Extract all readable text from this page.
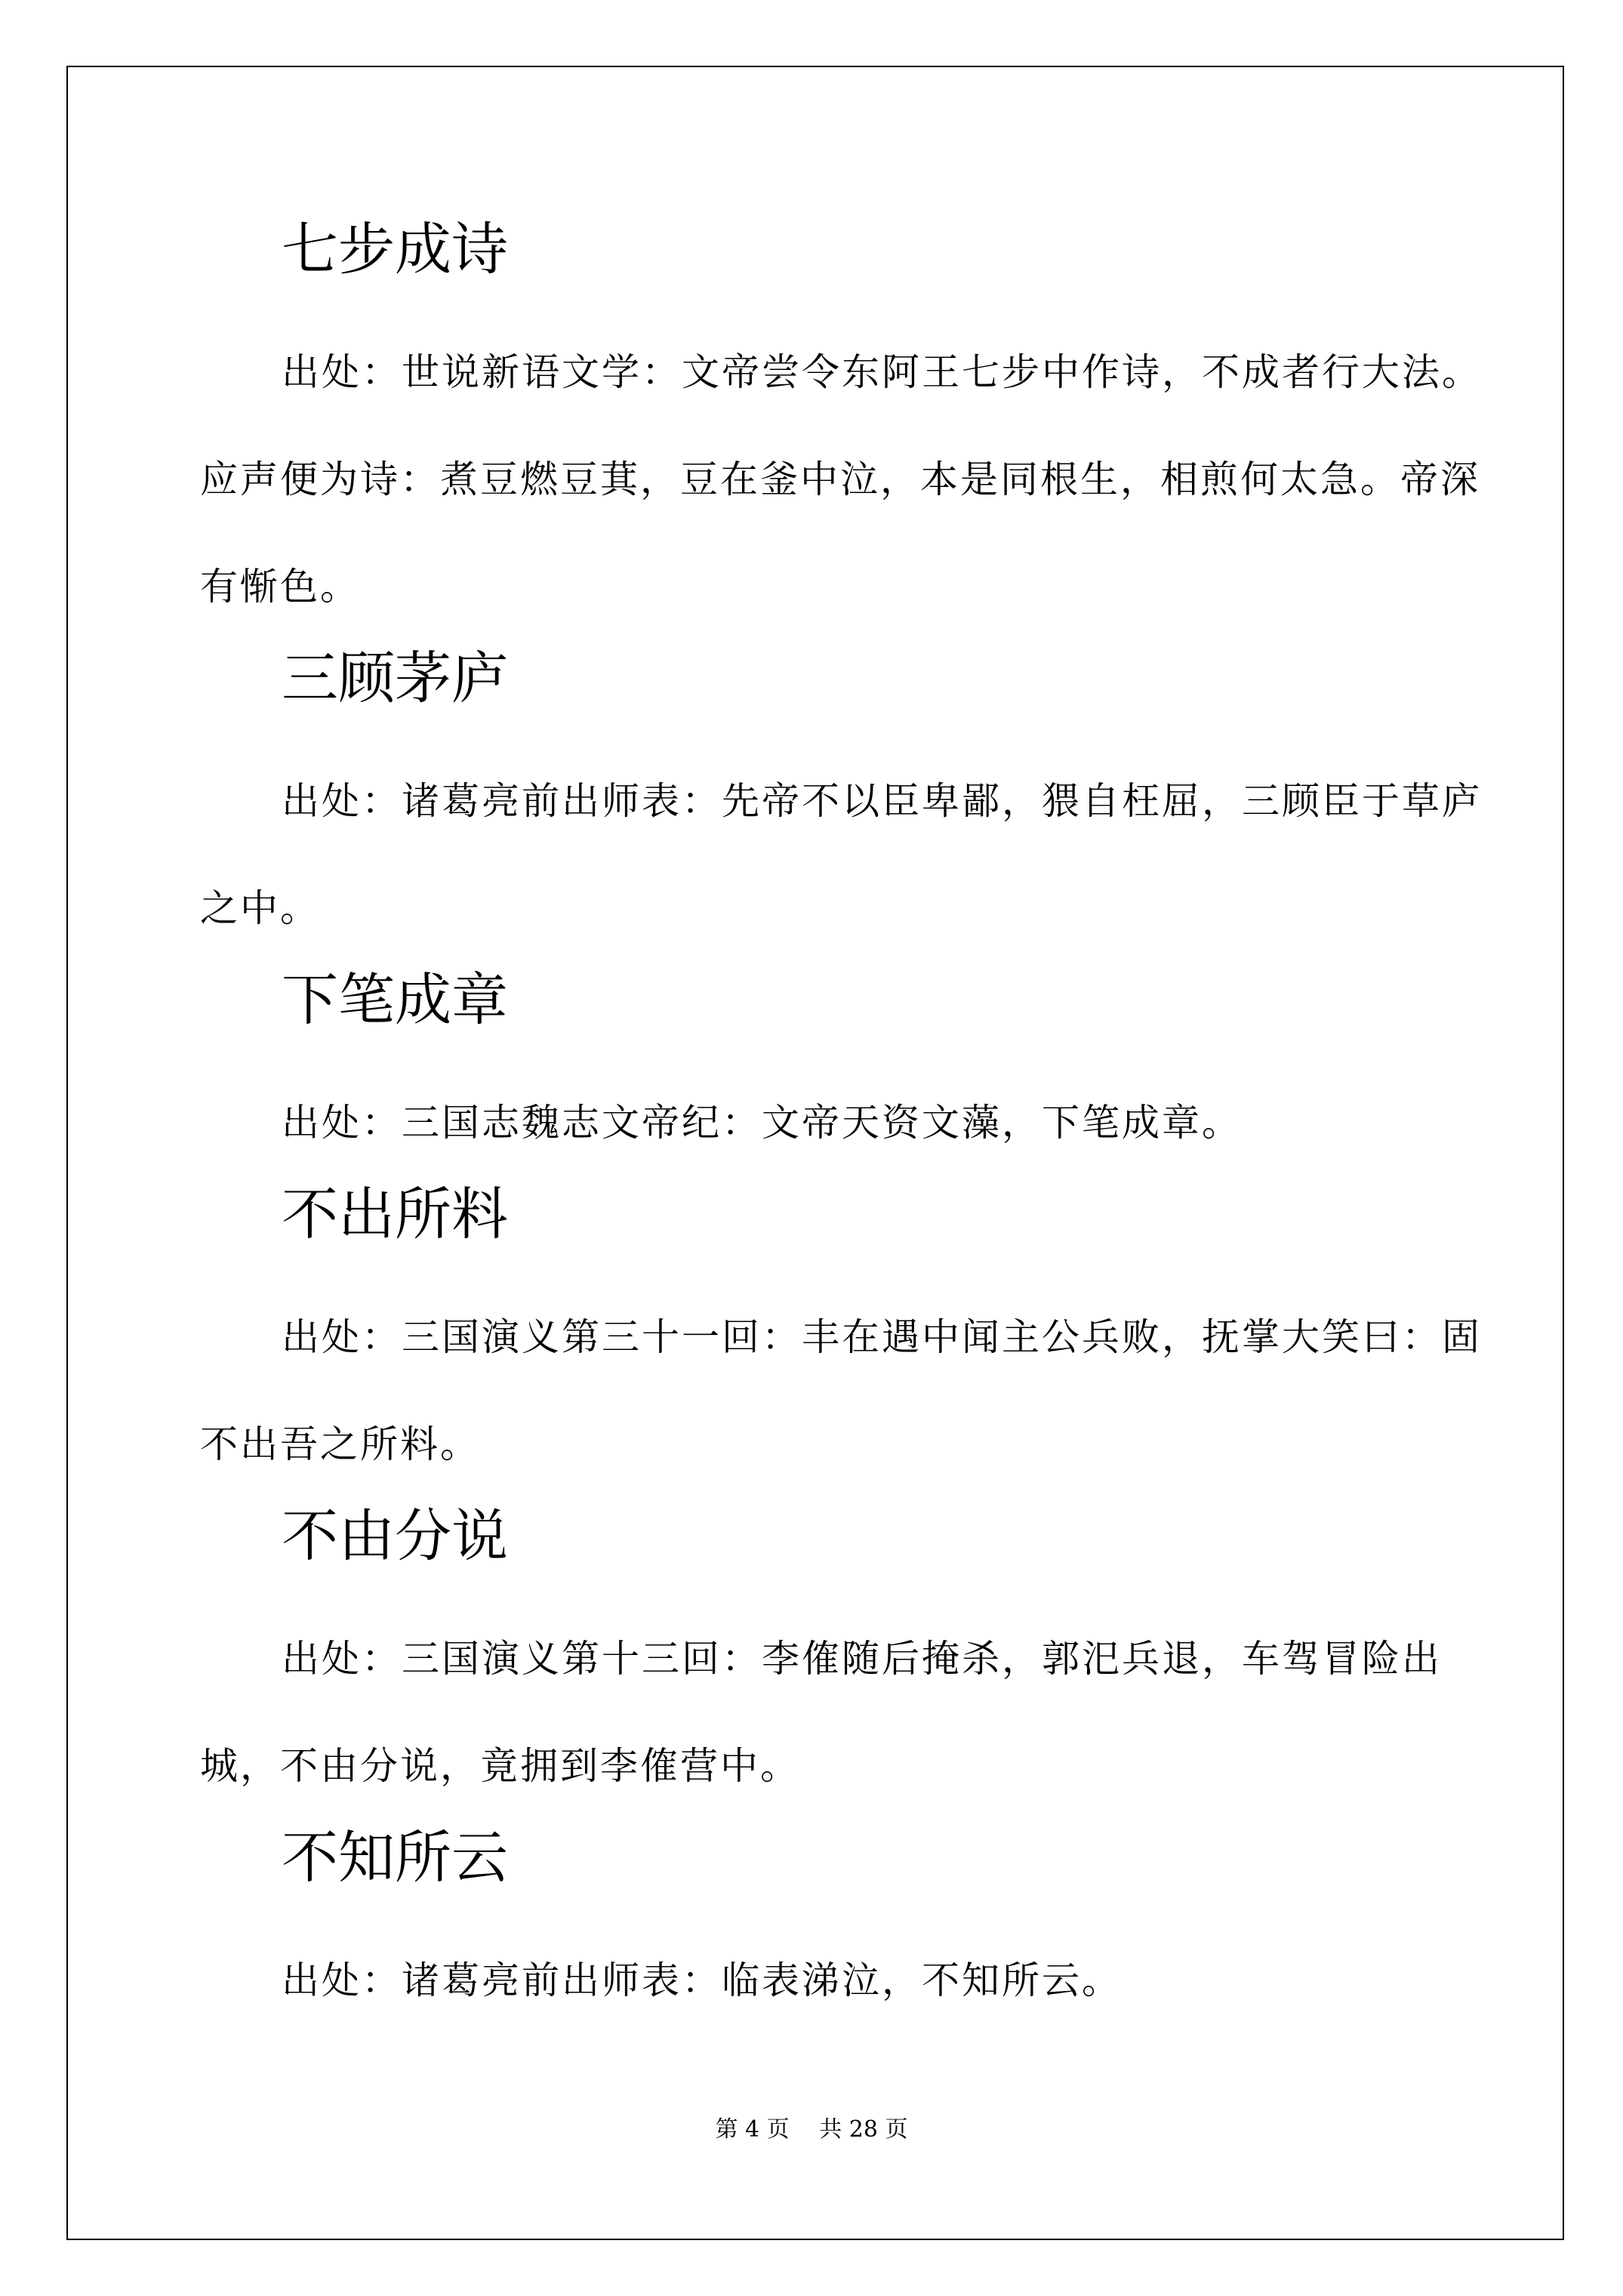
七步成诗

出处：世说新语文学：文帝尝令东阿王七步中作诗，不成者行大法。应声便为诗：煮豆燃豆萁，豆在釜中泣，本是同根生，相煎何太急。帝深有惭色。

三顾茅庐

出处：诸葛亮前出师表：先帝不以臣卑鄙，猥自枉屈，三顾臣于草庐之中。

下笔成章

出处：三国志魏志文帝纪：文帝天资文藻，下笔成章。

不出所料

出处：三国演义第三十一回：丰在遇中闻主公兵败，抚掌大笑曰：固不出吾之所料。

不由分说

出处：三国演义第十三回：李傕随后掩杀，郭汜兵退，车驾冒险出城，不由分说，竟拥到李傕营中。

不知所云

出处：诸葛亮前出师表：临表涕泣，不知所云。

第 4 页 共 28 页
